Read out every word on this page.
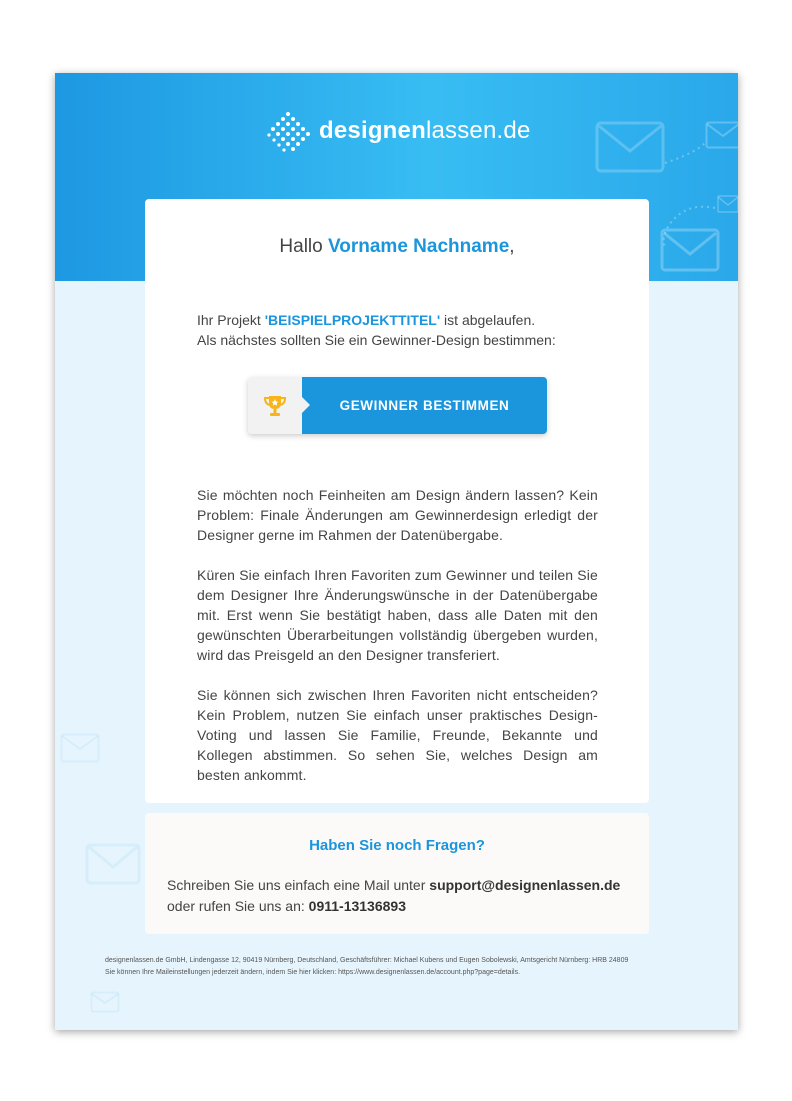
designenlassen.de
Hallo Vorname Nachname,
Ihr Projekt 'BEISPIELPROJEKTTITEL' ist abgelaufen.
Als nächstes sollten Sie ein Gewinner-Design bestimmen:
GEWINNER BESTIMMEN
Sie möchten noch Feinheiten am Design ändern lassen? Kein Problem: Finale Änderungen am Gewinnerdesign erledigt der Designer gerne im Rahmen der Datenübergabe.
Küren Sie einfach Ihren Favoriten zum Gewinner und teilen Sie dem Designer Ihre Änderungswünsche in der Datenübergabe mit. Erst wenn Sie bestätigt haben, dass alle Daten mit den gewünschten Überarbeitungen vollständig übergeben wurden, wird das Preisgeld an den Designer transferiert.
Sie können sich zwischen Ihren Favoriten nicht entscheiden? Kein Problem, nutzen Sie einfach unser praktisches Design-Voting und lassen Sie Familie, Freunde, Bekannte und Kollegen abstimmen. So sehen Sie, welches Design am besten ankommt.
Haben Sie noch Fragen?
Schreiben Sie uns einfach eine Mail unter support@designenlassen.de
oder rufen Sie uns an: 0911-13136893
designenlassen.de GmbH, Lindengasse 12, 90419 Nürnberg, Deutschland, Geschäftsführer: Michael Kubens und Eugen Sobolewski, Amtsgericht Nürnberg: HRB 24809
Sie können Ihre Maileinstellungen jederzeit ändern, indem Sie hier klicken: https://www.designenlassen.de/account.php?page=details.
